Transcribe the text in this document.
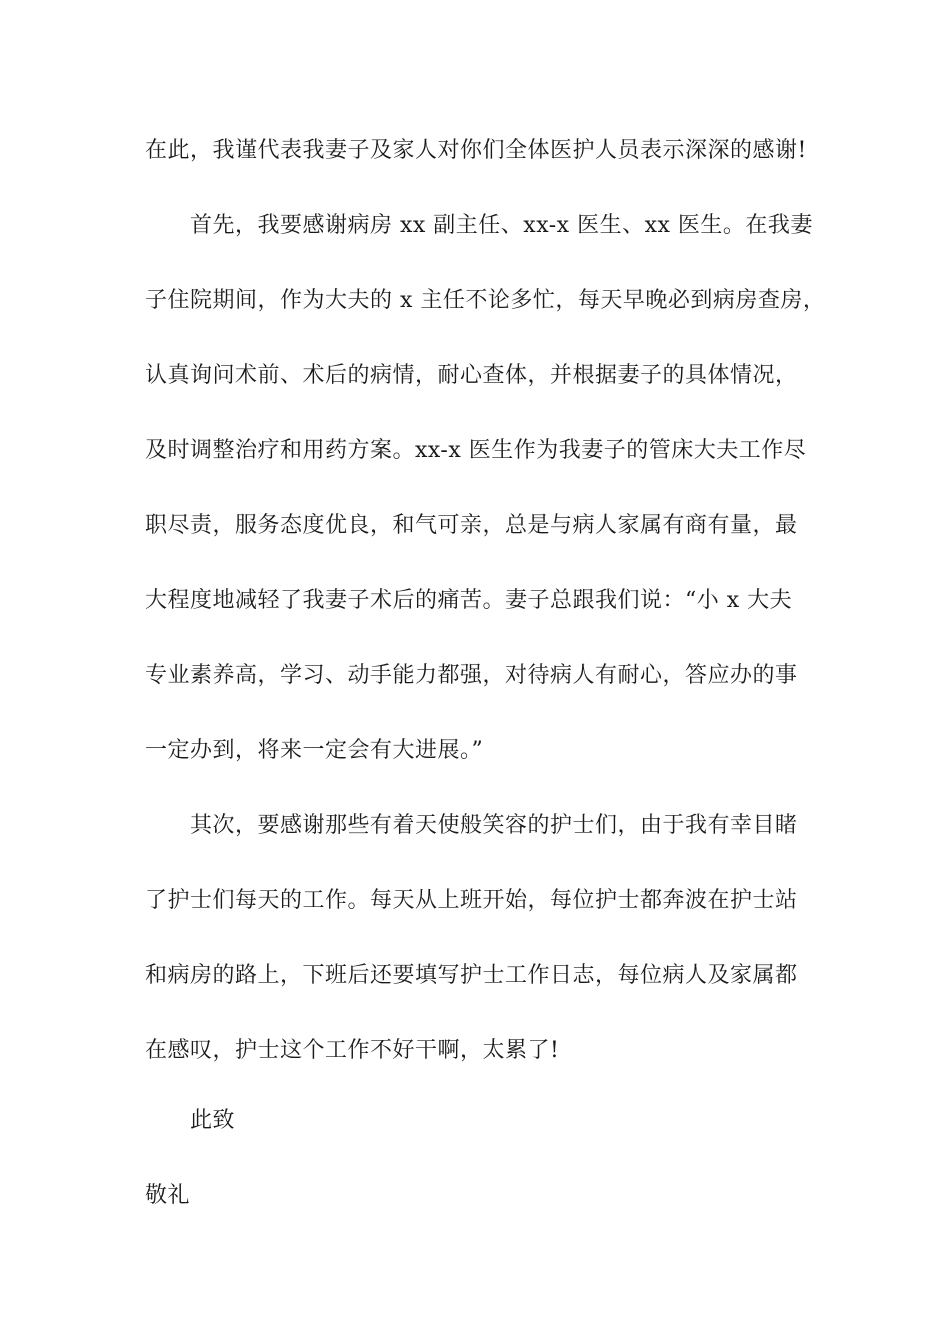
在此，我谨代表我妻子及家人对你们全体医护人员表示深深的感谢!
首先，我要感谢病房 xx 副主任、xx-x 医生、xx 医生。在我妻
子住院期间，作为大夫的 x 主任不论多忙，每天早晚必到病房查房，
认真询问术前、术后的病情，耐心查体，并根据妻子的具体情况，
及时调整治疗和用药方案。xx-x 医生作为我妻子的管床大夫工作尽
职尽责，服务态度优良，和气可亲，总是与病人家属有商有量，最
大程度地减轻了我妻子术后的痛苦。妻子总跟我们说：“小 x 大夫
专业素养高，学习、动手能力都强，对待病人有耐心，答应办的事
一定办到，将来一定会有大进展。”
其次，要感谢那些有着天使般笑容的护士们，由于我有幸目睹
了护士们每天的工作。每天从上班开始，每位护士都奔波在护士站
和病房的路上，下班后还要填写护士工作日志，每位病人及家属都
在感叹，护士这个工作不好干啊，太累了!
此致
敬礼
